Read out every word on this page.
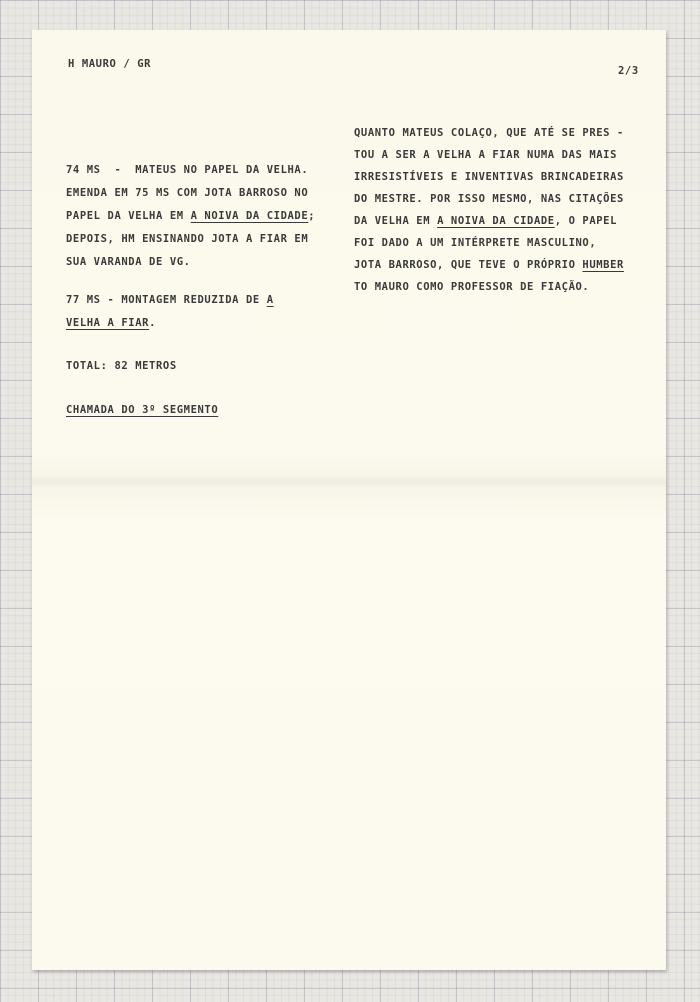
H MAURO / GR
2/3
74 MS  -  MATEUS NO PAPEL DA VELHA.
EMENDA EM 75 MS COM JOTA BARROSO NO
PAPEL DA VELHA EM A NOIVA DA CIDADE;
DEPOIS, HM ENSINANDO JOTA A FIAR EM
SUA VARANDA DE VG.
77 MS - MONTAGEM REDUZIDA DE A
VELHA A FIAR.
TOTAL: 82 METROS
CHAMADA DO 3º SEGMENTO
QUANTO MATEUS COLAÇO, QUE ATÉ SE PRES -
TOU A SER A VELHA A FIAR NUMA DAS MAIS
IRRESISTÍVEIS E INVENTIVAS BRINCADEIRAS
DO MESTRE. POR ISSO MESMO, NAS CITAÇÕES
DA VELHA EM A NOIVA DA CIDADE, O PAPEL
FOI DADO A UM INTÉRPRETE MASCULINO,
JOTA BARROSO, QUE TEVE O PRÓPRIO HUMBER
TO MAURO COMO PROFESSOR DE FIAÇÃO.
